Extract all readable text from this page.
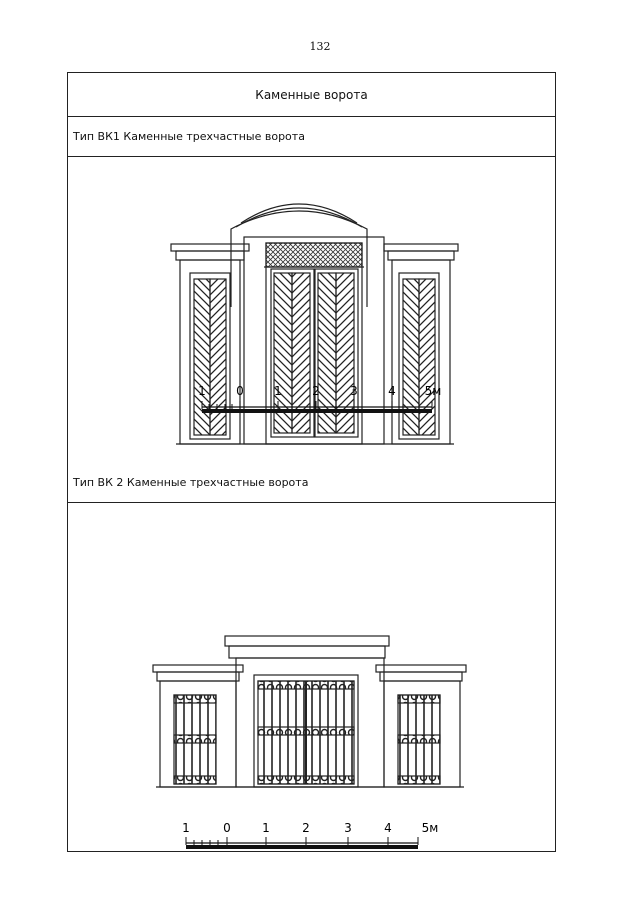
132
Каменные ворота
Тип ВК1 Каменные трехчастные ворота
1	0	1	2	3	4 5м
Тип ВК 2 Каменные трехчастные ворота
1	0	1	2	3	4 5м
